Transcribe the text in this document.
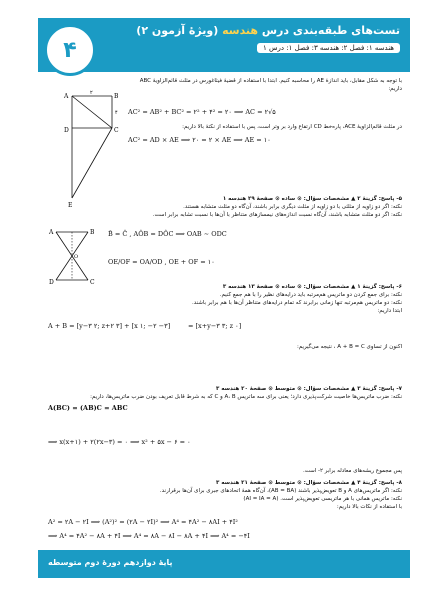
تست‌های طبقه‌بندی درس هندسه (ویژهٔ آزمون ۲)
هندسه ۱: فصل ۲: هندسه ۳: فصل ۱: درس ۱
۴
با توجه به شکل مقابل، باید اندازهٔ AE را محاسبه کنیم. ابتدا با استفاده از قضیهٔ فیثاغورس در مثلث قائم‌الزاویهٔ ABC
داریم:
A	B
C
D
E
۲
۴ AC² = AB² + BC² = ۲² + ۴² = ۲۰ ⟹ AC = ۲√۵
در مثلث قائم‌الزاویهٔ ACE، پاره‌خط CD ارتفاع وارد بر وتر است، پس با استفاده از نکتهٔ بالا داریم:
AC² = AD × AE ⟹ ۲۰ = ۲ × AE ⟹ AE = ۱۰
۵- پاسخ: گزینهٔ ۲ ▲ مشخصات سؤال: ⊙ ساده ⊙ صفحهٔ ۲۹ هندسه ۱
نکته: اگر دو زاویه از مثلثی با دو زاویه از مثلث دیگری برابر باشند، آن‌گاه دو مثلث متشابه هستند.
نکته: اگر دو مثلث متشابه باشند، آن‌گاه نسبت اندازه‌های نیمسازهای متناظر با آن‌ها با نسبت تشابه برابر است.
A	B
D	C
O
B̂ = Ĉ , AÔB = DÔC ⟹ OAB ∼ ODC
OE/OF = OA/OD , OE + OF = ۱۰
۶- پاسخ: گزینهٔ ۱ ▲ مشخصات سؤال: ⊙ ساده ⊙ صفحهٔ ۱۳ هندسه ۳
نکته: برای جمع کردن دو ماتریس هم‌مرتبه باید درایه‌های نظیر را با هم جمع کنیم.
نکته: دو ماتریس هم‌مرتبه تنها زمانی برابرند که تمام درایه‌های متناظر آن‌ها با هم برابر باشند.
ابتدا داریم:
A + B = [y−۳ ۲; z+۲ ۳] + [x ۱; −۲ −۳]	= [x+y−۳ ۳; z ۰]
اکنون از تساوی A + B = C ، نتیجه می‌گیریم:
۷- پاسخ: گزینهٔ ۳ ▲ مشخصات سؤال: ⊙ متوسط ⊙ صفحهٔ ۲۰ هندسه ۳
نکته: ضرب ماتریس‌ها خاصیت شرکت‌پذیری دارد؛ یعنی برای سه ماتریس A، B و C که به شرط قابل تعریف بودن ضرب ماتریس‌ها، داریم:
A(BC) = (AB)C = ABC
⟹ x(x+۱) + ۲(۲x−۳) = ۰ ⟹ x² + ۵x − ۶ = ۰
پس مجموع ریشه‌های معادله برابر ۲- است.
۸- پاسخ: گزینهٔ ۴ ▲ مشخصات سؤال: ⊙ متوسط ⊙ صفحهٔ ۲۱ هندسه ۳
نکته: اگر ماتریس‌های A و B تعویض‌پذیر باشند (AB = BA)، آن‌گاه همهٔ اتحادهای جبری برای آن‌ها برقرارند.
نکته: ماتریس همانی با هر ماتریسی تعویض‌پذیر است. (AI = IA = A)
با استفاده از نکات بالا داریم:
A² = ۲A − ۲I ⟹ (A²)² = (۲A − ۲I)² ⟹ A⁴ = ۴A² − ۸AI + ۴I²
⟹ A⁴ = ۴A² − ۸A + ۴I ⟹ A⁴ = ۸A − ۸I − ۸A + ۴I ⟹ A⁴ = −۴I
پایهٔ دوازدهم دورهٔ دوم متوسطه
